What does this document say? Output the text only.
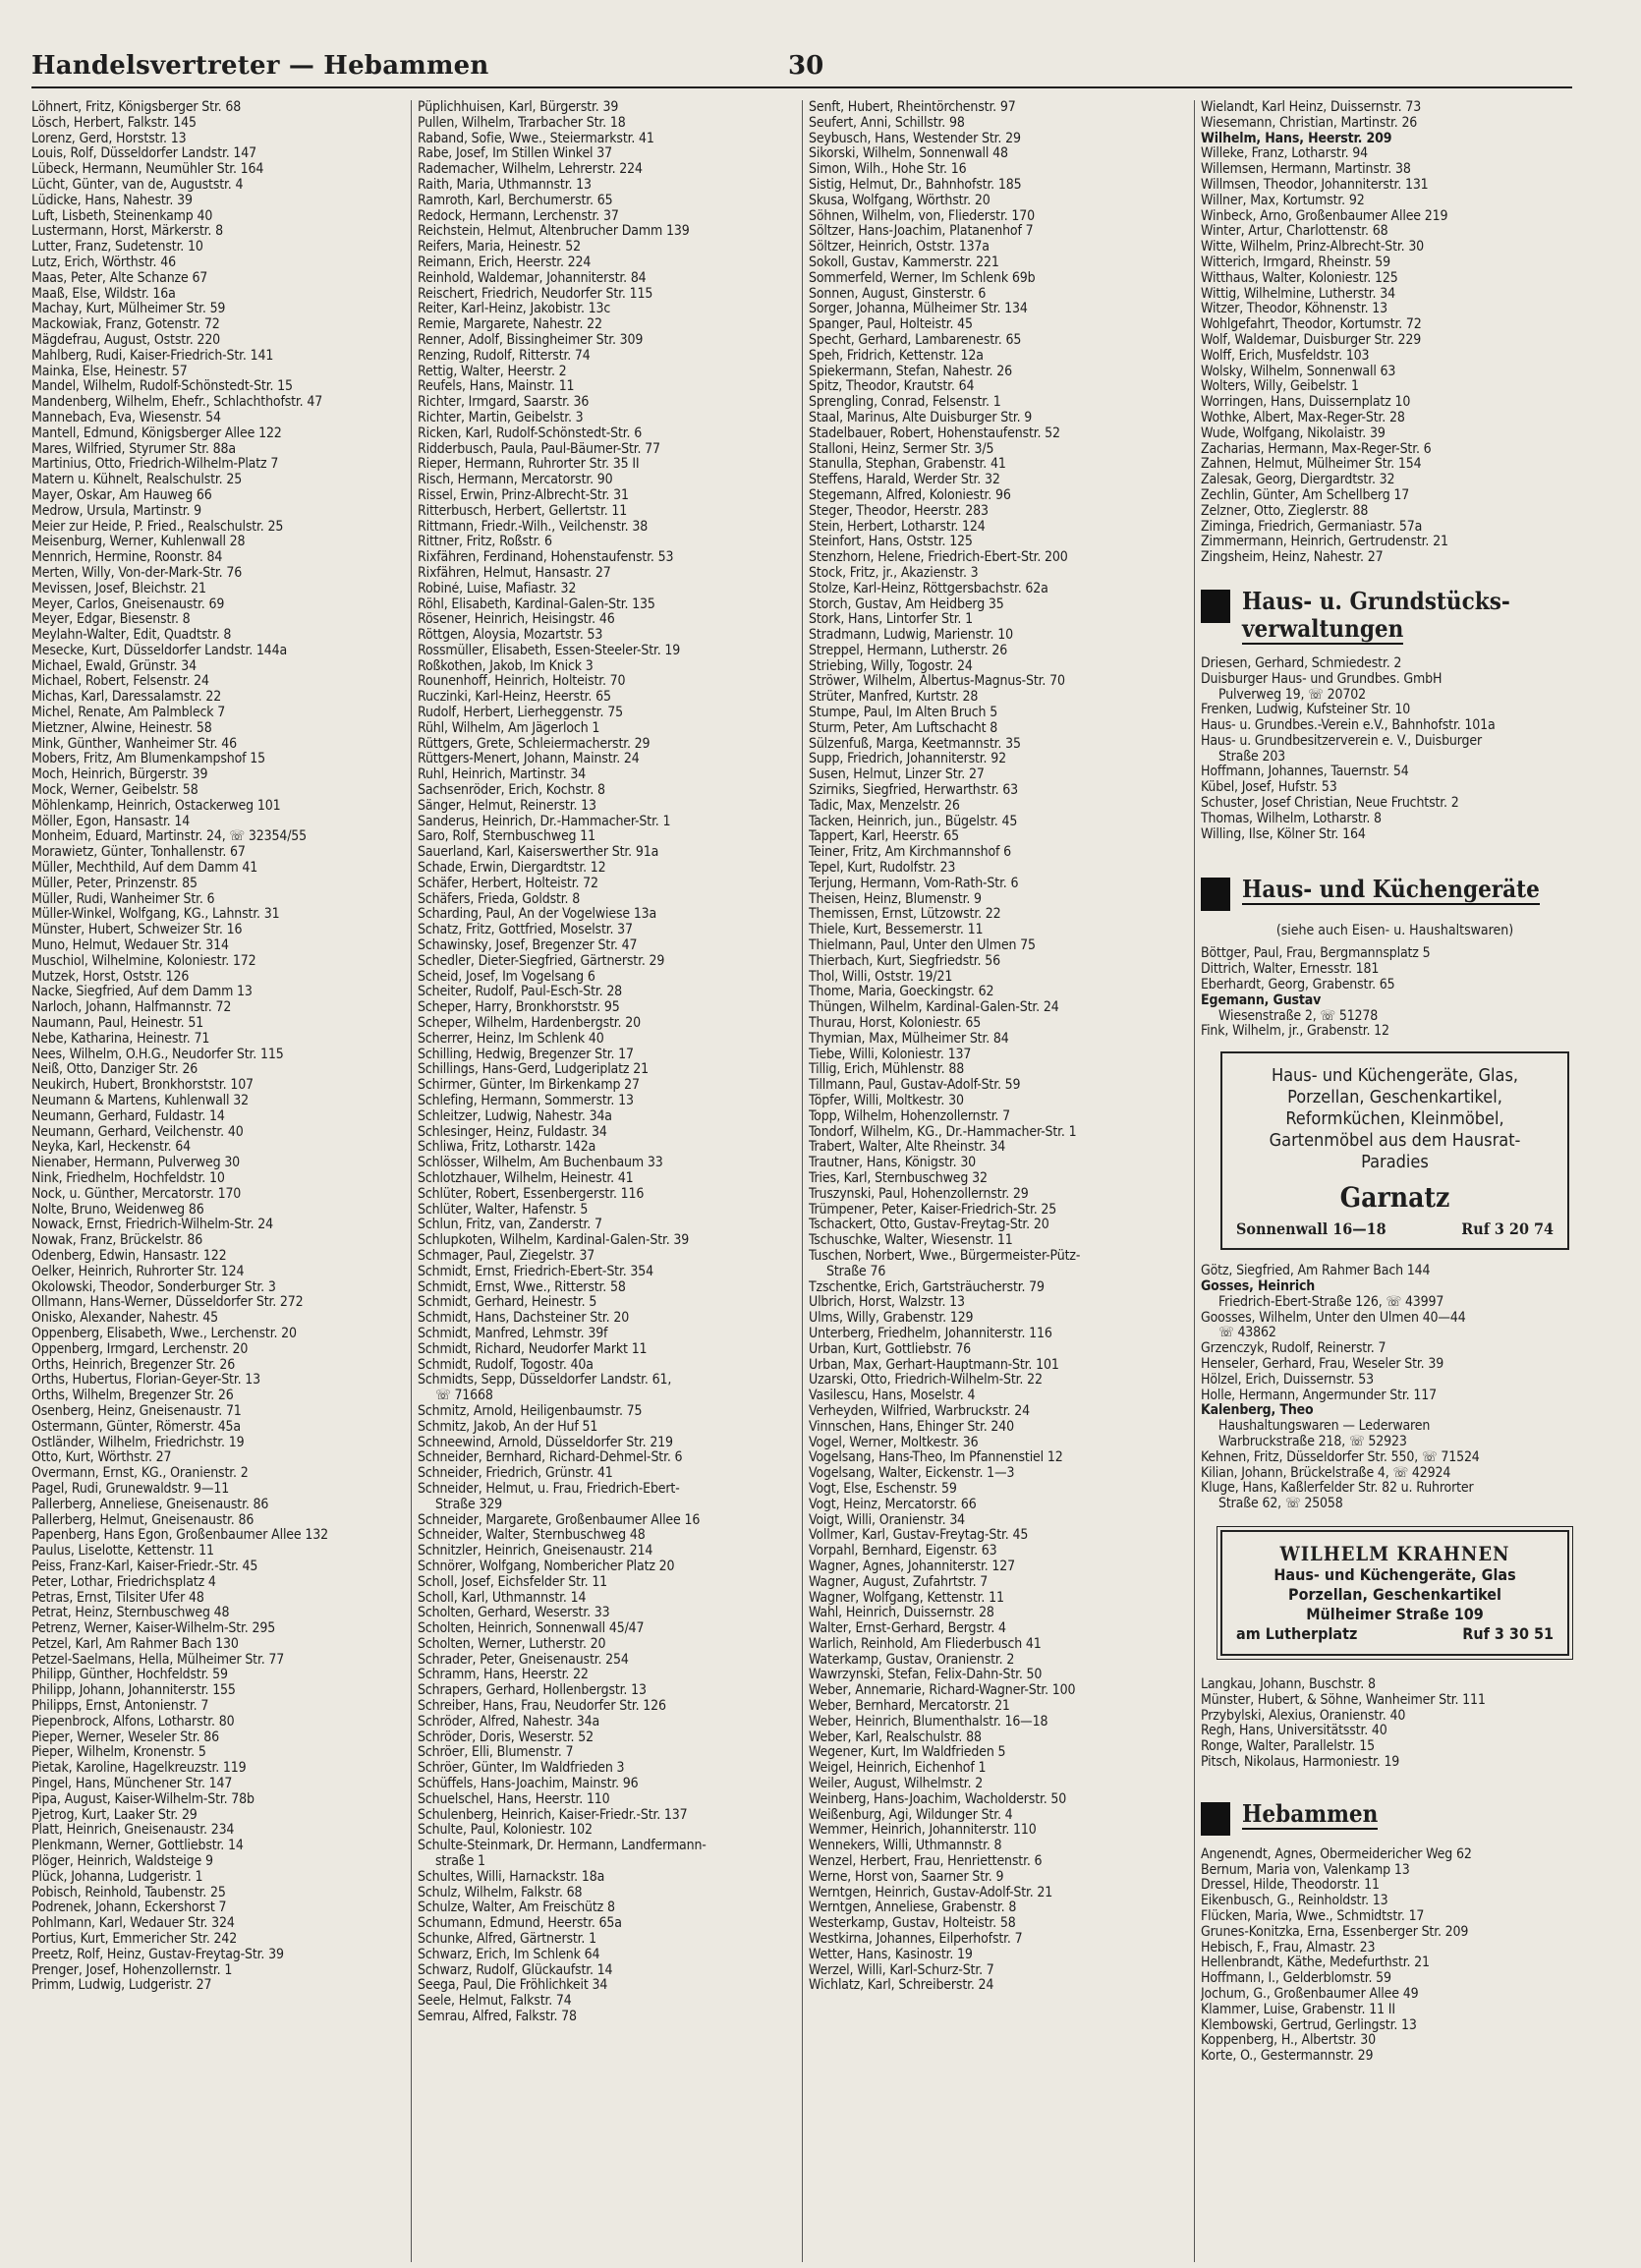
Handelsvertreter — Hebammen	30
Löhnert, Fritz, Königsberger Str. 68
Lösch, Herbert, Falkstr. 145
Lorenz, Gerd, Horststr. 13
Louis, Rolf, Düsseldorfer Landstr. 147
Lübeck, Hermann, Neumühler Str. 164
Lücht, Günter, van de, Auguststr. 4
Lüdicke, Hans, Nahestr. 39
Luft, Lisbeth, Steinenkamp 40
Lustermann, Horst, Märkerstr. 8
Lutter, Franz, Sudetenstr. 10
Lutz, Erich, Wörthstr. 46
Maas, Peter, Alte Schanze 67
Maaß, Else, Wildstr. 16a
Machay, Kurt, Mülheimer Str. 59
Mackowiak, Franz, Gotenstr. 72
Mägdefrau, August, Oststr. 220
Mahlberg, Rudi, Kaiser-Friedrich-Str. 141
Mainka, Else, Heinestr. 57
Mandel, Wilhelm, Rudolf-Schönstedt-Str. 15
Mandenberg, Wilhelm, Ehefr., Schlachthofstr. 47
Mannebach, Eva, Wiesenstr. 54
Mantell, Edmund, Königsberger Allee 122
Mares, Wilfried, Styrumer Str. 88a
Martinius, Otto, Friedrich-Wilhelm-Platz 7
Matern u. Kühnelt, Realschulstr. 25
Mayer, Oskar, Am Hauweg 66
Medrow, Ursula, Martinstr. 9
Meier zur Heide, P. Fried., Realschulstr. 25
Meisenburg, Werner, Kuhlenwall 28
Mennrich, Hermine, Roonstr. 84
Merten, Willy, Von-der-Mark-Str. 76
Mevissen, Josef, Bleichstr. 21
Meyer, Carlos, Gneisenaustr. 69
Meyer, Edgar, Biesenstr. 8
Meylahn-Walter, Edit, Quadtstr. 8
Mesecke, Kurt, Düsseldorfer Landstr. 144a
Michael, Ewald, Grünstr. 34
Michael, Robert, Felsenstr. 24
Michas, Karl, Daressalamstr. 22
Michel, Renate, Am Palmbleck 7
Mietzner, Alwine, Heinestr. 58
Mink, Günther, Wanheimer Str. 46
Mobers, Fritz, Am Blumenkampshof 15
Moch, Heinrich, Bürgerstr. 39
Mock, Werner, Geibelstr. 58
Möhlenkamp, Heinrich, Ostackerweg 101
Möller, Egon, Hansastr. 14
Monheim, Eduard, Martinstr. 24, ☏ 32354/55
Morawietz, Günter, Tonhallenstr. 67
Müller, Mechthild, Auf dem Damm 41
Müller, Peter, Prinzenstr. 85
Müller, Rudi, Wanheimer Str. 6
Müller-Winkel, Wolfgang, KG., Lahnstr. 31
Münster, Hubert, Schweizer Str. 16
Muno, Helmut, Wedauer Str. 314
Muschiol, Wilhelmine, Koloniestr. 172
Mutzek, Horst, Oststr. 126
Nacke, Siegfried, Auf dem Damm 13
Narloch, Johann, Halfmannstr. 72
Naumann, Paul, Heinestr. 51
Nebe, Katharina, Heinestr. 71
Nees, Wilhelm, O.H.G., Neudorfer Str. 115
Neiß, Otto, Danziger Str. 26
Neukirch, Hubert, Bronkhorststr. 107
Neumann & Martens, Kuhlenwall 32
Neumann, Gerhard, Fuldastr. 14
Neumann, Gerhard, Veilchenstr. 40
Neyka, Karl, Heckenstr. 64
Nienaber, Hermann, Pulverweg 30
Nink, Friedhelm, Hochfeldstr. 10
Nock, u. Günther, Mercatorstr. 170
Nolte, Bruno, Weidenweg 86
Nowack, Ernst, Friedrich-Wilhelm-Str. 24
Nowak, Franz, Brückelstr. 86
Odenberg, Edwin, Hansastr. 122
Oelker, Heinrich, Ruhrorter Str. 124
Okolowski, Theodor, Sonderburger Str. 3
Ollmann, Hans-Werner, Düsseldorfer Str. 272
Onisko, Alexander, Nahestr. 45
Oppenberg, Elisabeth, Wwe., Lerchenstr. 20
Oppenberg, Irmgard, Lerchenstr. 20
Orths, Heinrich, Bregenzer Str. 26
Orths, Hubertus, Florian-Geyer-Str. 13
Orths, Wilhelm, Bregenzer Str. 26
Osenberg, Heinz, Gneisenaustr. 71
Ostermann, Günter, Römerstr. 45a
Ostländer, Wilhelm, Friedrichstr. 19
Otto, Kurt, Wörthstr. 27
Overmann, Ernst, KG., Oranienstr. 2
Pagel, Rudi, Grunewaldstr. 9—11
Pallerberg, Anneliese, Gneisenaustr. 86
Pallerberg, Helmut, Gneisenaustr. 86
Papenberg, Hans Egon, Großenbaumer Allee 132
Paulus, Liselotte, Kettenstr. 11
Peiss, Franz-Karl, Kaiser-Friedr.-Str. 45
Peter, Lothar, Friedrichsplatz 4
Petras, Ernst, Tilsiter Ufer 48
Petrat, Heinz, Sternbuschweg 48
Petrenz, Werner, Kaiser-Wilhelm-Str. 295
Petzel, Karl, Am Rahmer Bach 130
Petzel-Saelmans, Hella, Mülheimer Str. 77
Philipp, Günther, Hochfeldstr. 59
Philipp, Johann, Johanniterstr. 155
Philipps, Ernst, Antonienstr. 7
Piepenbrock, Alfons, Lotharstr. 80
Pieper, Werner, Weseler Str. 86
Pieper, Wilhelm, Kronenstr. 5
Pietak, Karoline, Hagelkreuzstr. 119
Pingel, Hans, Münchener Str. 147
Pipa, August, Kaiser-Wilhelm-Str. 78b
Pjetrog, Kurt, Laaker Str. 29
Platt, Heinrich, Gneisenaustr. 234
Plenkmann, Werner, Gottliebstr. 14
Plöger, Heinrich, Waldsteige 9
Plück, Johanna, Ludgeristr. 1
Pobisch, Reinhold, Taubenstr. 25
Podrenek, Johann, Eckershorst 7
Pohlmann, Karl, Wedauer Str. 324
Portius, Kurt, Emmericher Str. 242
Preetz, Rolf, Heinz, Gustav-Freytag-Str. 39
Prenger, Josef, Hohenzollernstr. 1
Primm, Ludwig, Ludgeristr. 27
Püplichhuisen, Karl, Bürgerstr. 39
Pullen, Wilhelm, Trarbacher Str. 18
Raband, Sofie, Wwe., Steiermarkstr. 41
Rabe, Josef, Im Stillen Winkel 37
Rademacher, Wilhelm, Lehrerstr. 224
Raith, Maria, Uthmannstr. 13
Ramroth, Karl, Berchumerstr. 65
Redock, Hermann, Lerchenstr. 37
Reichstein, Helmut, Altenbrucher Damm 139
Reifers, Maria, Heinestr. 52
Reimann, Erich, Heerstr. 224
Reinhold, Waldemar, Johanniterstr. 84
Reischert, Friedrich, Neudorfer Str. 115
Reiter, Karl-Heinz, Jakobistr. 13c
Remie, Margarete, Nahestr. 22
Renner, Adolf, Bissingheimer Str. 309
Renzing, Rudolf, Ritterstr. 74
Rettig, Walter, Heerstr. 2
Reufels, Hans, Mainstr. 11
Richter, Irmgard, Saarstr. 36
Richter, Martin, Geibelstr. 3
Ricken, Karl, Rudolf-Schönstedt-Str. 6
Ridderbusch, Paula, Paul-Bäumer-Str. 77
Rieper, Hermann, Ruhrorter Str. 35 II
Risch, Hermann, Mercatorstr. 90
Rissel, Erwin, Prinz-Albrecht-Str. 31
Ritterbusch, Herbert, Gellertstr. 11
Rittmann, Friedr.-Wilh., Veilchenstr. 38
Rittner, Fritz, Roßstr. 6
Rixfähren, Ferdinand, Hohenstaufenstr. 53
Rixfähren, Helmut, Hansastr. 27
Robiné, Luise, Mafiastr. 32
Röhl, Elisabeth, Kardinal-Galen-Str. 135
Rösener, Heinrich, Heisingstr. 46
Röttgen, Aloysia, Mozartstr. 53
Rossmüller, Elisabeth, Essen-Steeler-Str. 19
Roßkothen, Jakob, Im Knick 3
Rounenhoff, Heinrich, Holteistr. 70
Ruczinki, Karl-Heinz, Heerstr. 65
Rudolf, Herbert, Lierheggenstr. 75
Rühl, Wilhelm, Am Jägerloch 1
Rüttgers, Grete, Schleiermacherstr. 29
Rüttgers-Menert, Johann, Mainstr. 24
Ruhl, Heinrich, Martinstr. 34
Sachsenröder, Erich, Kochstr. 8
Sänger, Helmut, Reinerstr. 13
Sanderus, Heinrich, Dr.-Hammacher-Str. 1
Saro, Rolf, Sternbuschweg 11
Sauerland, Karl, Kaiserswerther Str. 91a
Schade, Erwin, Diergardtstr. 12
Schäfer, Herbert, Holteistr. 72
Schäfers, Frieda, Goldstr. 8
Scharding, Paul, An der Vogelwiese 13a
Schatz, Fritz, Gottfried, Moselstr. 37
Schawinsky, Josef, Bregenzer Str. 47
Schedler, Dieter-Siegfried, Gärtnerstr. 29
Scheid, Josef, Im Vogelsang 6
Scheiter, Rudolf, Paul-Esch-Str. 28
Scheper, Harry, Bronkhorststr. 95
Scheper, Wilhelm, Hardenbergstr. 20
Scherrer, Heinz, Im Schlenk 40
Schilling, Hedwig, Bregenzer Str. 17
Schillings, Hans-Gerd, Ludgeriplatz 21
Schirmer, Günter, Im Birkenkamp 27
Schlefing, Hermann, Sommerstr. 13
Schleitzer, Ludwig, Nahestr. 34a
Schlesinger, Heinz, Fuldastr. 34
Schliwa, Fritz, Lotharstr. 142a
Schlösser, Wilhelm, Am Buchenbaum 33
Schlotzhauer, Wilhelm, Heinestr. 41
Schlüter, Robert, Essenbergerstr. 116
Schlüter, Walter, Hafenstr. 5
Schlun, Fritz, van, Zanderstr. 7
Schlupkoten, Wilhelm, Kardinal-Galen-Str. 39
Schmager, Paul, Ziegelstr. 37
Schmidt, Ernst, Friedrich-Ebert-Str. 354
Schmidt, Ernst, Wwe., Ritterstr. 58
Schmidt, Gerhard, Heinestr. 5
Schmidt, Hans, Dachsteiner Str. 20
Schmidt, Manfred, Lehmstr. 39f
Schmidt, Richard, Neudorfer Markt 11
Schmidt, Rudolf, Togostr. 40a
Schmidts, Sepp, Düsseldorfer Landstr. 61,
☏ 71668
Schmitz, Arnold, Heiligenbaumstr. 75
Schmitz, Jakob, An der Huf 51
Schneewind, Arnold, Düsseldorfer Str. 219
Schneider, Bernhard, Richard-Dehmel-Str. 6
Schneider, Friedrich, Grünstr. 41
Schneider, Helmut, u. Frau, Friedrich-Ebert-
Straße 329
Schneider, Margarete, Großenbaumer Allee 16
Schneider, Walter, Sternbuschweg 48
Schnitzler, Heinrich, Gneisenaustr. 214
Schnörer, Wolfgang, Nombericher Platz 20
Scholl, Josef, Eichsfelder Str. 11
Scholl, Karl, Uthmannstr. 14
Scholten, Gerhard, Weserstr. 33
Scholten, Heinrich, Sonnenwall 45/47
Scholten, Werner, Lutherstr. 20
Schrader, Peter, Gneisenaustr. 254
Schramm, Hans, Heerstr. 22
Schrapers, Gerhard, Hollenbergstr. 13
Schreiber, Hans, Frau, Neudorfer Str. 126
Schröder, Alfred, Nahestr. 34a
Schröder, Doris, Weserstr. 52
Schröer, Elli, Blumenstr. 7
Schröer, Günter, Im Waldfrieden 3
Schüffels, Hans-Joachim, Mainstr. 96
Schuelschel, Hans, Heerstr. 110
Schulenberg, Heinrich, Kaiser-Friedr.-Str. 137
Schulte, Paul, Koloniestr. 102
Schulte-Steinmark, Dr. Hermann, Landfermann-
straße 1
Schultes, Willi, Harnackstr. 18a
Schulz, Wilhelm, Falkstr. 68
Schulze, Walter, Am Freischütz 8
Schumann, Edmund, Heerstr. 65a
Schunke, Alfred, Gärtnerstr. 1
Schwarz, Erich, Im Schlenk 64
Schwarz, Rudolf, Glückaufstr. 14
Seega, Paul, Die Fröhlichkeit 34
Seele, Helmut, Falkstr. 74
Semrau, Alfred, Falkstr. 78
Senft, Hubert, Rheintörchenstr. 97
Seufert, Anni, Schillstr. 98
Seybusch, Hans, Westender Str. 29
Sikorski, Wilhelm, Sonnenwall 48
Simon, Wilh., Hohe Str. 16
Sistig, Helmut, Dr., Bahnhofstr. 185
Skusa, Wolfgang, Wörthstr. 20
Söhnen, Wilhelm, von, Fliederstr. 170
Söltzer, Hans-Joachim, Platanenhof 7
Söltzer, Heinrich, Oststr. 137a
Sokoll, Gustav, Kammerstr. 221
Sommerfeld, Werner, Im Schlenk 69b
Sonnen, August, Ginsterstr. 6
Sorger, Johanna, Mülheimer Str. 134
Spanger, Paul, Holteistr. 45
Specht, Gerhard, Lambarenestr. 65
Speh, Fridrich, Kettenstr. 12a
Spiekermann, Stefan, Nahestr. 26
Spitz, Theodor, Krautstr. 64
Sprengling, Conrad, Felsenstr. 1
Staal, Marinus, Alte Duisburger Str. 9
Stadelbauer, Robert, Hohenstaufenstr. 52
Stalloni, Heinz, Sermer Str. 3/5
Stanulla, Stephan, Grabenstr. 41
Steffens, Harald, Werder Str. 32
Stegemann, Alfred, Koloniestr. 96
Steger, Theodor, Heerstr. 283
Stein, Herbert, Lotharstr. 124
Steinfort, Hans, Oststr. 125
Stenzhorn, Helene, Friedrich-Ebert-Str. 200
Stock, Fritz, jr., Akazienstr. 3
Stolze, Karl-Heinz, Röttgersbachstr. 62a
Storch, Gustav, Am Heidberg 35
Stork, Hans, Lintorfer Str. 1
Stradmann, Ludwig, Marienstr. 10
Streppel, Hermann, Lutherstr. 26
Striebing, Willy, Togostr. 24
Ströwer, Wilhelm, Albertus-Magnus-Str. 70
Strüter, Manfred, Kurtstr. 28
Stumpe, Paul, Im Alten Bruch 5
Sturm, Peter, Am Luftschacht 8
Sülzenfuß, Marga, Keetmannstr. 35
Supp, Friedrich, Johanniterstr. 92
Susen, Helmut, Linzer Str. 27
Szirniks, Siegfried, Herwarthstr. 63
Tadic, Max, Menzelstr. 26
Tacken, Heinrich, jun., Bügelstr. 45
Tappert, Karl, Heerstr. 65
Teiner, Fritz, Am Kirchmannshof 6
Tepel, Kurt, Rudolfstr. 23
Terjung, Hermann, Vom-Rath-Str. 6
Theisen, Heinz, Blumenstr. 9
Themissen, Ernst, Lützowstr. 22
Thiele, Kurt, Bessemerstr. 11
Thielmann, Paul, Unter den Ulmen 75
Thierbach, Kurt, Siegfriedstr. 56
Thol, Willi, Oststr. 19/21
Thome, Maria, Goeckingstr. 62
Thüngen, Wilhelm, Kardinal-Galen-Str. 24
Thurau, Horst, Koloniestr. 65
Thymian, Max, Mülheimer Str. 84
Tiebe, Willi, Koloniestr. 137
Tillig, Erich, Mühlenstr. 88
Tillmann, Paul, Gustav-Adolf-Str. 59
Töpfer, Willi, Moltkestr. 30
Topp, Wilhelm, Hohenzollernstr. 7
Tondorf, Wilhelm, KG., Dr.-Hammacher-Str. 1
Trabert, Walter, Alte Rheinstr. 34
Trautner, Hans, Königstr. 30
Tries, Karl, Sternbuschweg 32
Truszynski, Paul, Hohenzollernstr. 29
Trümpener, Peter, Kaiser-Friedrich-Str. 25
Tschackert, Otto, Gustav-Freytag-Str. 20
Tschuschke, Walter, Wiesenstr. 11
Tuschen, Norbert, Wwe., Bürgermeister-Pütz-
Straße 76
Tzschentke, Erich, Gartsträucherstr. 79
Ulbrich, Horst, Walzstr. 13
Ulms, Willy, Grabenstr. 129
Unterberg, Friedhelm, Johanniterstr. 116
Urban, Kurt, Gottliebstr. 76
Urban, Max, Gerhart-Hauptmann-Str. 101
Uzarski, Otto, Friedrich-Wilhelm-Str. 22
Vasilescu, Hans, Moselstr. 4
Verheyden, Wilfried, Warbruckstr. 24
Vinnschen, Hans, Ehinger Str. 240
Vogel, Werner, Moltkestr. 36
Vogelsang, Hans-Theo, Im Pfannenstiel 12
Vogelsang, Walter, Eickenstr. 1—3
Vogt, Else, Eschenstr. 59
Vogt, Heinz, Mercatorstr. 66
Voigt, Willi, Oranienstr. 34
Vollmer, Karl, Gustav-Freytag-Str. 45
Vorpahl, Bernhard, Eigenstr. 63
Wagner, Agnes, Johanniterstr. 127
Wagner, August, Zufahrtstr. 7
Wagner, Wolfgang, Kettenstr. 11
Wahl, Heinrich, Duissernstr. 28
Walter, Ernst-Gerhard, Bergstr. 4
Warlich, Reinhold, Am Fliederbusch 41
Waterkamp, Gustav, Oranienstr. 2
Wawrzynski, Stefan, Felix-Dahn-Str. 50
Weber, Annemarie, Richard-Wagner-Str. 100
Weber, Bernhard, Mercatorstr. 21
Weber, Heinrich, Blumenthalstr. 16—18
Weber, Karl, Realschulstr. 88
Wegener, Kurt, Im Waldfrieden 5
Weigel, Heinrich, Eichenhof 1
Weiler, August, Wilhelmstr. 2
Weinberg, Hans-Joachim, Wacholderstr. 50
Weißenburg, Agi, Wildunger Str. 4
Wemmer, Heinrich, Johanniterstr. 110
Wennekers, Willi, Uthmannstr. 8
Wenzel, Herbert, Frau, Henriettenstr. 6
Werne, Horst von, Saarner Str. 9
Werntgen, Heinrich, Gustav-Adolf-Str. 21
Werntgen, Anneliese, Grabenstr. 8
Westerkamp, Gustav, Holteistr. 58
Westkirna, Johannes, Eilperhofstr. 7
Wetter, Hans, Kasinostr. 19
Werzel, Willi, Karl-Schurz-Str. 7
Wichlatz, Karl, Schreiberstr. 24
Wielandt, Karl Heinz, Duissernstr. 73
Wiesemann, Christian, Martinstr. 26
Wilhelm, Hans, Heerstr. 209
Willeke, Franz, Lotharstr. 94
Willemsen, Hermann, Martinstr. 38
Willmsen, Theodor, Johanniterstr. 131
Willner, Max, Kortumstr. 92
Winbeck, Arno, Großenbaumer Allee 219
Winter, Artur, Charlottenstr. 68
Witte, Wilhelm, Prinz-Albrecht-Str. 30
Witterich, Irmgard, Rheinstr. 59
Witthaus, Walter, Koloniestr. 125
Wittig, Wilhelmine, Lutherstr. 34
Witzer, Theodor, Köhnenstr. 13
Wohlgefahrt, Theodor, Kortumstr. 72
Wolf, Waldemar, Duisburger Str. 229
Wolff, Erich, Musfeldstr. 103
Wolsky, Wilhelm, Sonnenwall 63
Wolters, Willy, Geibelstr. 1
Worringen, Hans, Duissernplatz 10
Wothke, Albert, Max-Reger-Str. 28
Wude, Wolfgang, Nikolaistr. 39
Zacharias, Hermann, Max-Reger-Str. 6
Zahnen, Helmut, Mülheimer Str. 154
Zalesak, Georg, Diergardtstr. 32
Zechlin, Günter, Am Schellberg 17
Zelzner, Otto, Zieglerstr. 88
Ziminga, Friedrich, Germaniastr. 57a
Zimmermann, Heinrich, Gertrudenstr. 21
Zingsheim, Heinz, Nahestr. 27
Haus- u. Grundstücks-
verwaltungen
Driesen, Gerhard, Schmiedestr. 2
Duisburger Haus- und Grundbes. GmbH
Pulverweg 19, ☏ 20702
Frenken, Ludwig, Kufsteiner Str. 10
Haus- u. Grundbes.-Verein e.V., Bahnhofstr. 101a
Haus- u. Grundbesitzerverein e. V., Duisburger
Straße 203
Hoffmann, Johannes, Tauernstr. 54
Kübel, Josef, Hufstr. 53
Schuster, Josef Christian, Neue Fruchtstr. 2
Thomas, Wilhelm, Lotharstr. 8
Willing, Ilse, Kölner Str. 164
Haus- und Küchengeräte
(siehe auch Eisen- u. Haushaltswaren)
Böttger, Paul, Frau, Bergmannsplatz 5
Dittrich, Walter, Ernesstr. 181
Eberhardt, Georg, Grabenstr. 65
Egemann, Gustav
Wiesenstraße 2, ☏ 51278
Fink, Wilhelm, jr., Grabenstr. 12
Haus- und Küchengeräte, Glas, Porzellan, Geschenkartikel, Reformküchen, Kleinmöbel, Gartenmöbel aus dem Hausrat-Paradies
Garnatz
Sonnenwall 16—18	Ruf 3 20 74
Götz, Siegfried, Am Rahmer Bach 144
Gosses, Heinrich
Friedrich-Ebert-Straße 126, ☏ 43997
Goosses, Wilhelm, Unter den Ulmen 40—44
☏ 43862
Grzenczyk, Rudolf, Reinerstr. 7
Henseler, Gerhard, Frau, Weseler Str. 39
Hölzel, Erich, Duissernstr. 53
Holle, Hermann, Angermunder Str. 117
Kalenberg, Theo
Haushaltungswaren — Lederwaren
Warbruckstraße 218, ☏ 52923
Kehnen, Fritz, Düsseldorfer Str. 550, ☏ 71524
Kilian, Johann, Brückelstraße 4, ☏ 42924
Kluge, Hans, Kaßlerfelder Str. 82 u. Ruhrorter
Straße 62, ☏ 25058
WILHELM KRAHNEN
Haus- und Küchengeräte, Glas
Porzellan, Geschenkartikel
Mülheimer Straße 109
am Lutherplatz	Ruf 3 30 51
Langkau, Johann, Buschstr. 8
Münster, Hubert, & Söhne, Wanheimer Str. 111
Przybylski, Alexius, Oranienstr. 40
Regh, Hans, Universitätsstr. 40
Ronge, Walter, Parallelstr. 15
Pitsch, Nikolaus, Harmoniestr. 19
Hebammen
Angenendt, Agnes, Obermeidericher Weg 62
Bernum, Maria von, Valenkamp 13
Dressel, Hilde, Theodorstr. 11
Eikenbusch, G., Reinholdstr. 13
Flücken, Maria, Wwe., Schmidtstr. 17
Grunes-Konitzka, Erna, Essenberger Str. 209
Hebisch, F., Frau, Almastr. 23
Hellenbrandt, Käthe, Medefurthstr. 21
Hoffmann, I., Gelderblomstr. 59
Jochum, G., Großenbaumer Allee 49
Klammer, Luise, Grabenstr. 11 II
Klembowski, Gertrud, Gerlingstr. 13
Koppenberg, H., Albertstr. 30
Korte, O., Gestermannstr. 29
